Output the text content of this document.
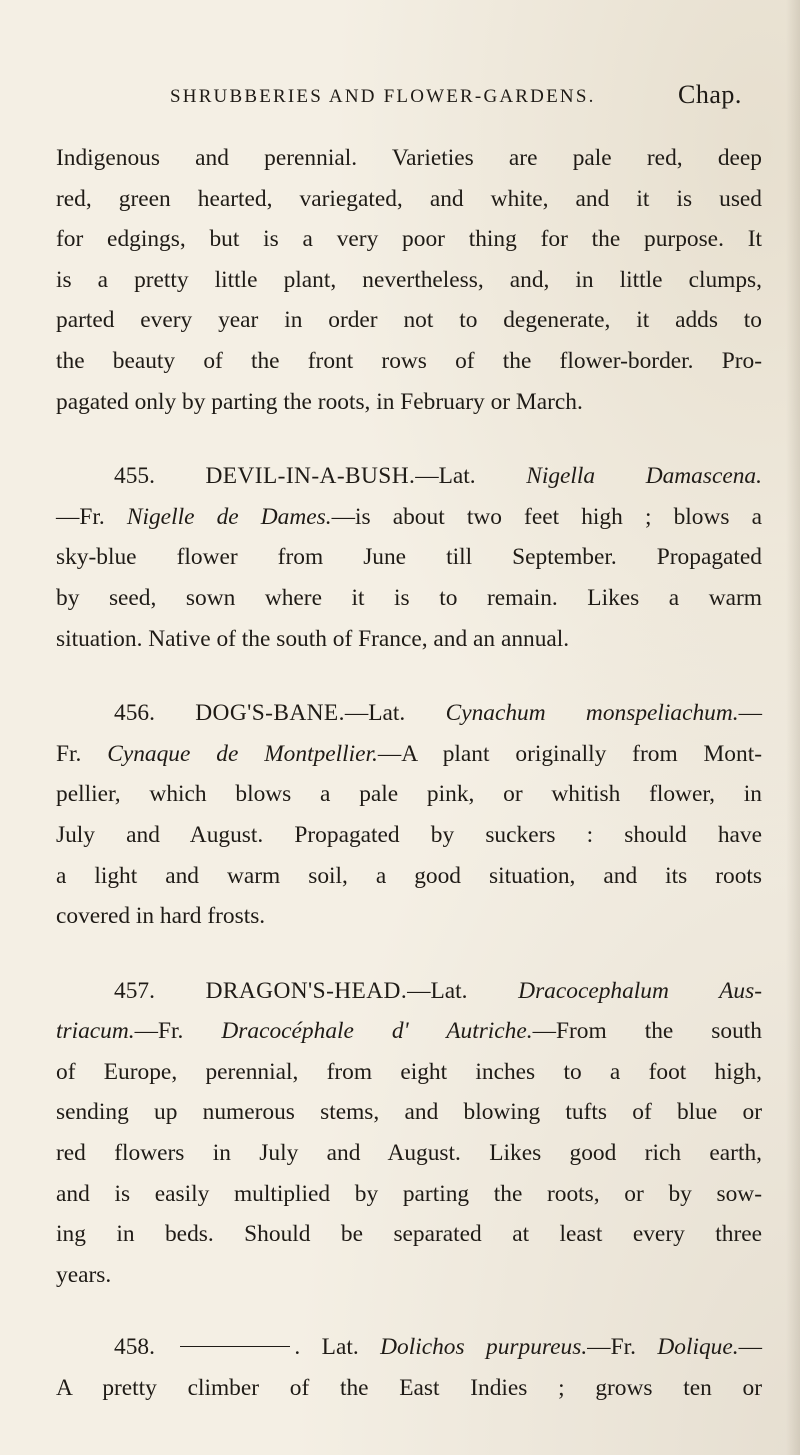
SHRUBBERIES AND FLOWER-GARDENS.	Chap.
Indigenous and perennial. Varieties are pale red, deep
red, green hearted, variegated, and white, and it is used
for edgings, but is a very poor thing for the purpose. It
is a pretty little plant, nevertheless, and, in little clumps,
parted every year in order not to degenerate, it adds to
the beauty of the front rows of the flower-border. Pro-
pagated only by parting the roots, in February or March.
455. DEVIL-IN-A-BUSH.—Lat. Nigella Damascena.
—Fr. Nigelle de Dames.—is about two feet high ; blows a
sky-blue flower from June till September. Propagated
by seed, sown where it is to remain. Likes a warm
situation. Native of the south of France, and an annual.
456. DOG'S-BANE.—Lat. Cynachum monspeliachum.—
Fr. Cynaque de Montpellier.—A plant originally from Mont-
pellier, which blows a pale pink, or whitish flower, in
July and August. Propagated by suckers : should have
a light and warm soil, a good situation, and its roots
covered in hard frosts.
457. DRAGON'S-HEAD.—Lat. Dracocephalum Aus-
triacum.—Fr. Dracocéphale d' Autriche.—From the south
of Europe, perennial, from eight inches to a foot high,
sending up numerous stems, and blowing tufts of blue or
red flowers in July and August. Likes good rich earth,
and is easily multiplied by parting the roots, or by sow-
ing in beds. Should be separated at least every three
years.
458.	. Lat. Dolichos purpureus.—Fr. Dolique.—
A pretty climber of the East Indies ; grows ten or
